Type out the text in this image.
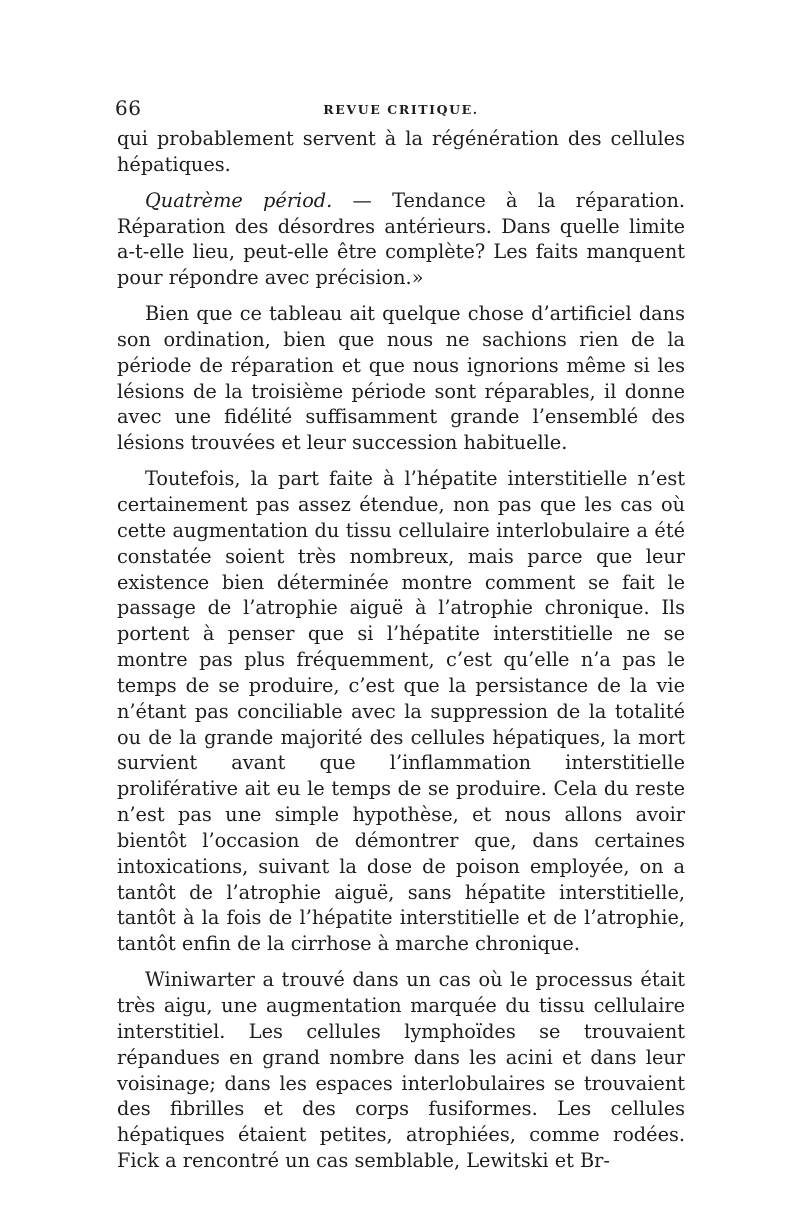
66	REVUE CRITIQUE.

qui probablement servent à la régénération des cellules hépatiques.

Quatrème périod. — Tendance à la réparation. Réparation des désordres antérieurs. Dans quelle limite a-t-elle lieu, peut-elle être complète? Les faits manquent pour répondre avec précision.»

Bien que ce tableau ait quelque chose d’artificiel dans son ordination, bien que nous ne sachions rien de la période de réparation et que nous ignorions même si les lésions de la troisième période sont réparables, il donne avec une fidélité suffisamment grande l’ensemblé des lésions trouvées et leur succession habituelle.

Toutefois, la part faite à l’hépatite interstitielle n’est certainement pas assez étendue, non pas que les cas où cette augmentation du tissu cellulaire interlobulaire a été constatée soient très nombreux, mais parce que leur existence bien déterminée montre comment se fait le passage de l’atrophie aiguë à l’atrophie chronique. Ils portent à penser que si l’hépatite interstitielle ne se montre pas plus fréquemment, c’est qu’elle n’a pas le temps de se produire, c’est que la persistance de la vie n’étant pas conciliable avec la suppression de la totalité ou de la grande majorité des cellules hépatiques, la mort survient avant que l’inflammation interstitielle proliférative ait eu le temps de se produire. Cela du reste n’est pas une simple hypothèse, et nous allons avoir bientôt l’occasion de démontrer que, dans certaines intoxications, suivant la dose de poison employée, on a tantôt de l’atrophie aiguë, sans hépatite interstitielle, tantôt à la fois de l’hépatite interstitielle et de l’atrophie, tantôt enfin de la cirrhose à marche chronique.

Winiwarter a trouvé dans un cas où le processus était très aigu, une augmentation marquée du tissu cellulaire interstitiel. Les cellules lymphoïdes se trouvaient répandues en grand nombre dans les acini et dans leur voisinage; dans les espaces interlobulaires se trouvaient des fibrilles et des corps fusiformes. Les cellules hépatiques étaient petites, atrophiées, comme rodées. Fick a rencontré un cas semblable, Lewitski et Br-
